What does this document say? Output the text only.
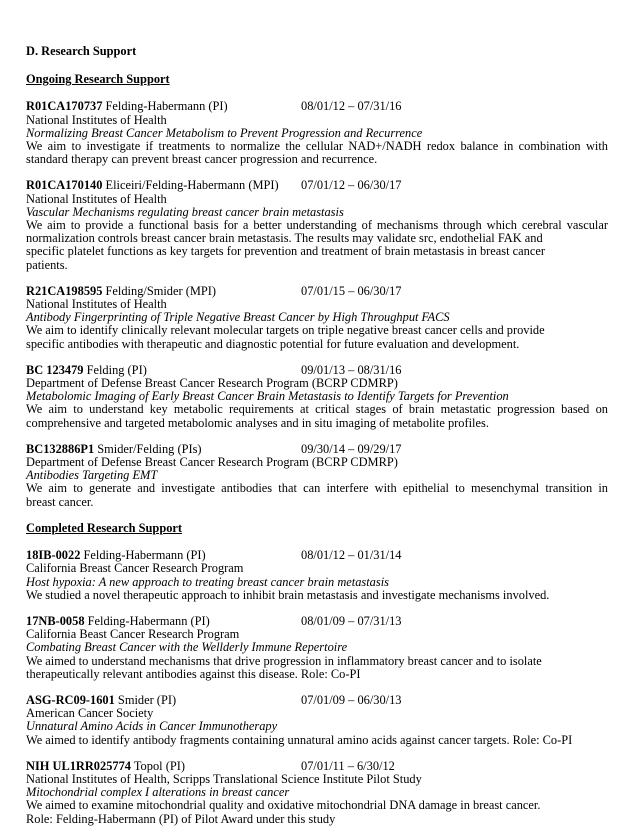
D. Research Support
Ongoing Research Support
R01CA170737 Felding-Habermann (PI)	08/01/12 – 07/31/16
National Institutes of Health
Normalizing Breast Cancer Metabolism to Prevent Progression and Recurrence
We aim to investigate if treatments to normalize the cellular NAD+/NADH redox balance in combination with
standard therapy can prevent breast cancer progression and recurrence.
R01CA170140 Eliceiri/Felding-Habermann (MPI) 07/01/12 – 06/30/17
National Institutes of Health
Vascular Mechanisms regulating breast cancer brain metastasis
We aim to provide a functional basis for a better understanding of mechanisms through which cerebral vascular
normalization controls breast cancer brain metastasis. The results may validate src, endothelial FAK and
specific platelet functions as key targets for prevention and treatment of brain metastasis in breast cancer
patients.
R21CA198595 Felding/Smider (MPI)	07/01/15 – 06/30/17
National Institutes of Health
Antibody Fingerprinting of Triple Negative Breast Cancer by High Throughput FACS
We aim to identify clinically relevant molecular targets on triple negative breast cancer cells and provide
specific antibodies with therapeutic and diagnostic potential for future evaluation and development.
BC 123479 Felding (PI)	09/01/13 – 08/31/16
Department of Defense Breast Cancer Research Program (BCRP CDMRP)
Metabolomic Imaging of Early Breast Cancer Brain Metastasis to Identify Targets for Prevention
We aim to understand key metabolic requirements at critical stages of brain metastatic progression based on
comprehensive and targeted metabolomic analyses and in situ imaging of metabolite profiles.
BC132886P1 Smider/Felding (PIs)	09/30/14 – 09/29/17
Department of Defense Breast Cancer Research Program (BCRP CDMRP)
Antibodies Targeting EMT
We aim to generate and investigate antibodies that can interfere with epithelial to mesenchymal transition in
breast cancer.
Completed Research Support
18IB-0022 Felding-Habermann (PI)	08/01/12 – 01/31/14
California Breast Cancer Research Program
Host hypoxia: A new approach to treating breast cancer brain metastasis
We studied a novel therapeutic approach to inhibit brain metastasis and investigate mechanisms involved.
17NB-0058 Felding-Habermann (PI)	08/01/09 – 07/31/13
California Beast Cancer Research Program
Combating Breast Cancer with the Wellderly Immune Repertoire
We aimed to understand mechanisms that drive progression in inflammatory breast cancer and to isolate
therapeutically relevant antibodies against this disease. Role: Co-PI
ASG-RC09-1601 Smider (PI)	07/01/09 – 06/30/13
American Cancer Society
Unnatural Amino Acids in Cancer Immunotherapy
We aimed to identify antibody fragments containing unnatural amino acids against cancer targets. Role: Co-PI
NIH UL1RR025774 Topol (PI)	07/01/11 – 6/30/12
National Institutes of Health, Scripps Translational Science Institute Pilot Study
Mitochondrial complex I alterations in breast cancer
We aimed to examine mitochondrial quality and oxidative mitochondrial DNA damage in breast cancer.
Role: Felding-Habermann (PI) of Pilot Award under this study
